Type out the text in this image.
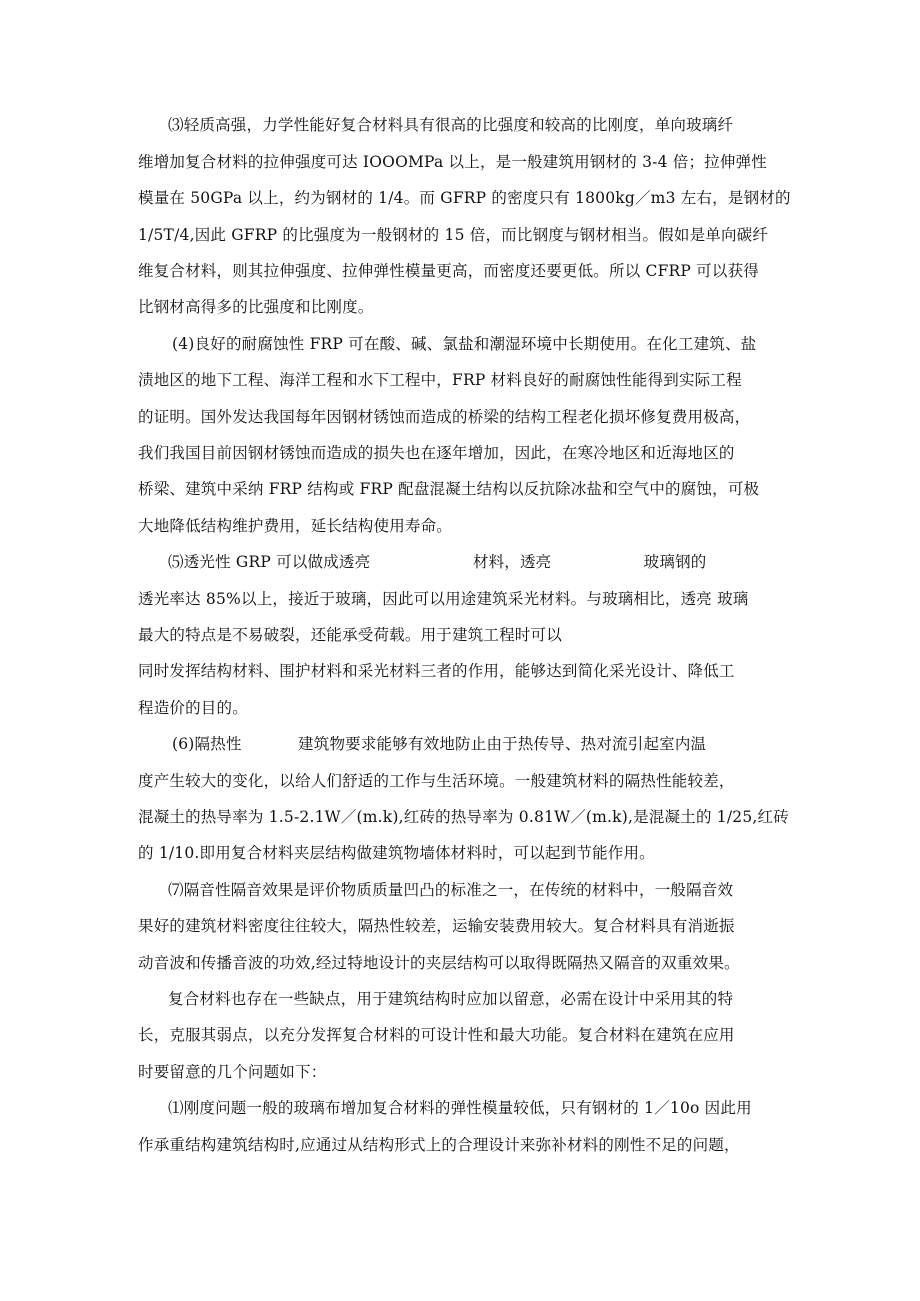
⑶轻质高强，力学性能好复合材料具有很高的比强度和较高的比刚度，单向玻璃纤
维增加复合材料的拉伸强度可达 IOOOMPa 以上，是一般建筑用钢材的 3-4 倍；拉伸弹性
模量在 50GPa 以上，约为钢材的 1/4。而 GFRP 的密度只有 1800kg／m3 左右，是钢材的
1/5T/4,因此 GFRP 的比强度为一般钢材的 15 倍，而比钢度与钢材相当。假如是单向碳纤
维复合材料，则其拉伸强度、拉伸弹性模量更高，而密度还要更低。所以 CFRP 可以获得
比钢材高得多的比强度和比刚度。
(4)良好的耐腐蚀性 FRP 可在酸、碱、氯盐和潮湿环境中长期使用。在化工建筑、盐
渍地区的地下工程、海洋工程和水下工程中，FRP 材料良好的耐腐蚀性能得到实际工程
的证明。国外发达我国每年因钢材锈蚀而造成的桥梁的结构工程老化损坏修复费用极高，
我们我国目前因钢材锈蚀而造成的损失也在逐年增加，因此，在寒冷地区和近海地区的
桥梁、建筑中采纳 FRP 结构或 FRP 配盘混凝土结构以反抗除冰盐和空气中的腐蚀，可极
大地降低结构维护费用，延长结构使用寿命。
⑸透光性 GRP 可以做成透亮                    材料，透亮                  玻璃钢的
透光率达 85%以上，接近于玻璃，因此可以用途建筑采光材料。与玻璃相比，透亮 玻璃
最大的特点是不易破裂，还能承受荷载。用于建筑工程时可以
同时发挥结构材料、围护材料和采光材料三者的作用，能够达到简化采光设计、降低工
程造价的目的。
(6)隔热性           建筑物要求能够有效地防止由于热传导、热对流引起室内温
度产生较大的变化，以给人们舒适的工作与生活环境。一般建筑材料的隔热性能较差，
混凝土的热导率为 1.5-2.1W／(m.k),红砖的热导率为 0.81W／(m.k),是混凝土的 1/25,红砖
的 1/10.即用复合材料夹层结构做建筑物墙体材料时，可以起到节能作用。
⑺隔音性隔音效果是评价物质质量凹凸的标准之一，在传统的材料中，一般隔音效
果好的建筑材料密度往往较大，隔热性较差，运输安装费用较大。复合材料具有消逝振
动音波和传播音波的功效,经过特地设计的夹层结构可以取得既隔热又隔音的双重效果。
复合材料也存在一些缺点，用于建筑结构时应加以留意，必需在设计中采用其的特
长，克服其弱点，以充分发挥复合材料的可设计性和最大功能。复合材料在建筑在应用
时要留意的几个问题如下：
⑴刚度问题一般的玻璃布增加复合材料的弹性模量较低，只有钢材的 1／10o 因此用
作承重结构建筑结构时,应通过从结构形式上的合理设计来弥补材料的刚性不足的问题，
